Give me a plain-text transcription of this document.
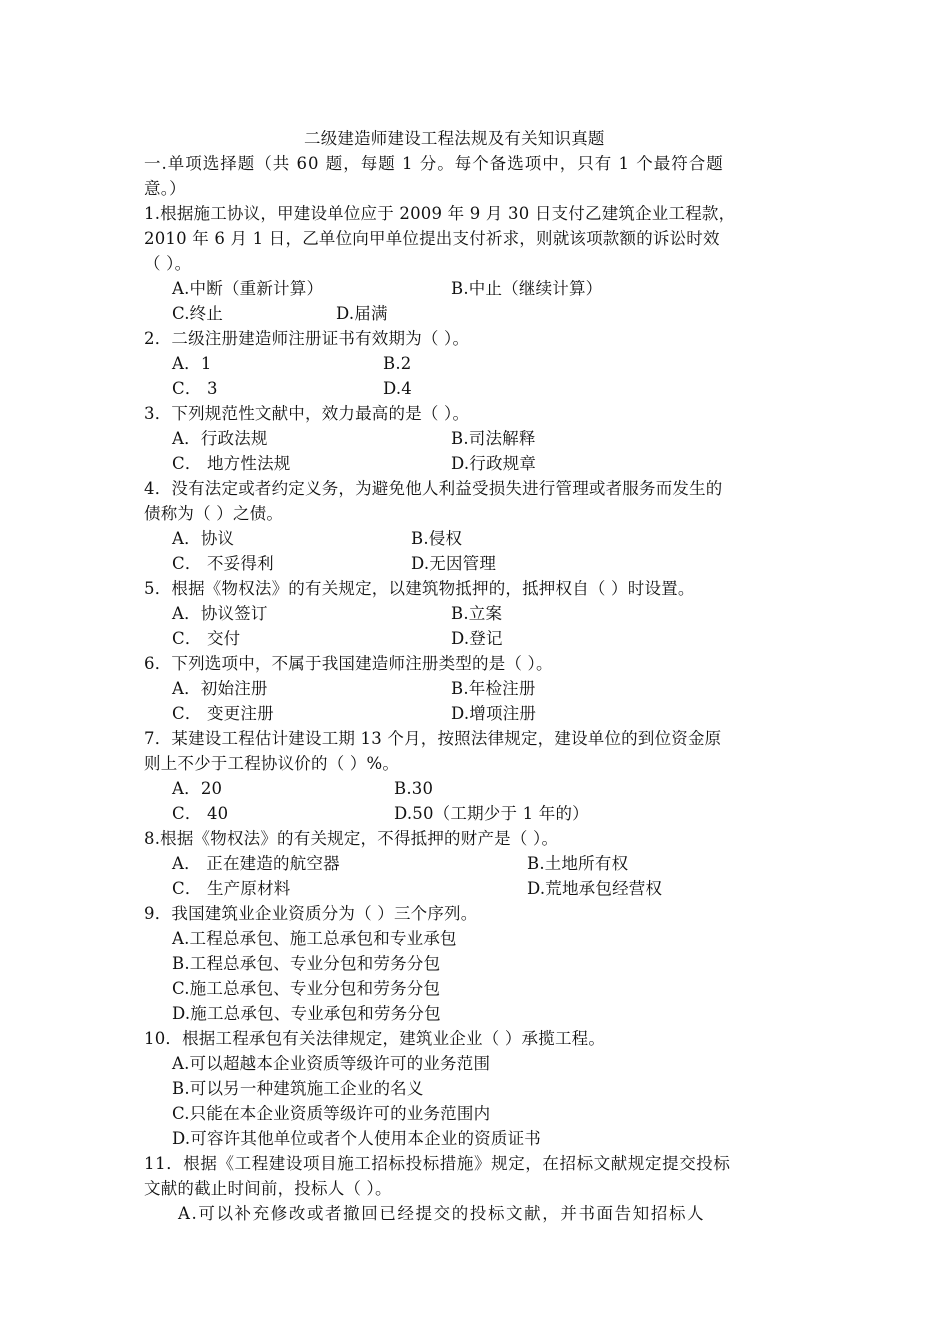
二级建造师建设工程法规及有关知识真题
一.单项选择题（共 60 题，每题 1 分。每个备选项中，只有 1 个最符合题
意。）
1.根据施工协议，甲建设单位应于 2009 年 9 月 30 日支付乙建筑企业工程款，
2010 年 6 月 1 日，乙单位向甲单位提出支付祈求，则就该项款额的诉讼时效
（ ）。
A.中断（重新计算）	B.中止（继续计算）
C.终止	D.届满
2．二级注册建造师注册证书有效期为（ ）。
A．1	B.2
C． 3	D.4
3．下列规范性文献中，效力最高的是（ ）。
A．行政法规	B.司法解释
C． 地方性法规	D.行政规章
4．没有法定或者约定义务，为避免他人利益受损失进行管理或者服务而发生的
债称为（ ）之债。
A．协议	B.侵权
C． 不妥得利	D.无因管理
5．根据《物权法》的有关规定，以建筑物抵押的，抵押权自（ ）时设置。
A．协议签订	B.立案
C． 交付	D.登记
6．下列选项中，不属于我国建造师注册类型的是（ ）。
A．初始注册	B.年检注册
C． 变更注册	D.增项注册
7．某建设工程估计建设工期 13 个月，按照法律规定，建设单位的到位资金原
则上不少于工程协议价的（ ）%。
A．20	B.30
C． 40	D.50（工期少于 1 年的）
8.根据《物权法》的有关规定，不得抵押的财产是（ ）。
A． 正在建造的航空器	B.土地所有权
C． 生产原材料	D.荒地承包经营权
9．我国建筑业企业资质分为（ ）三个序列。
A.工程总承包、施工总承包和专业承包
B.工程总承包、专业分包和劳务分包
C.施工总承包、专业分包和劳务分包
D.施工总承包、专业承包和劳务分包
10．根据工程承包有关法律规定，建筑业企业（ ）承揽工程。
A.可以超越本企业资质等级许可的业务范围
B.可以另一种建筑施工企业的名义
C.只能在本企业资质等级许可的业务范围内
D.可容许其他单位或者个人使用本企业的资质证书
11．根据《工程建设项目施工招标投标措施》规定，在招标文献规定提交投标
文献的截止时间前，投标人（ ）。
A.可以补充修改或者撤回已经提交的投标文献，并书面告知招标人
